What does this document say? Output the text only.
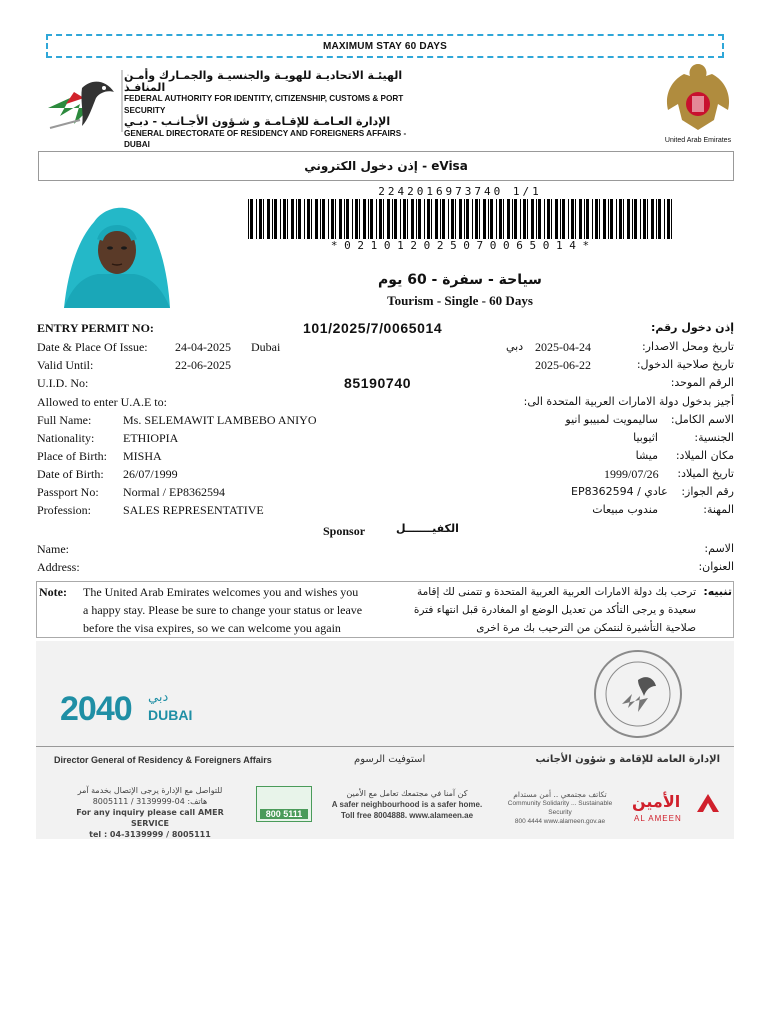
MAXIMUM STAY 60 DAYS
الهيئـة الاتحاديـة للهويـة والجنسيـة والجمـارك وأمـن المنافـذ
FEDERAL AUTHORITY FOR IDENTITY, CITIZENSHIP, CUSTOMS & PORT SECURITY
الإدارة العـامـة للإقـامـة و شـؤون الأجـانـب - دبـي
GENERAL DIRECTORATE OF RESIDENCY AND FOREIGNERS AFFAIRS - DUBAI	United Arab Emirates
إذن دخول الكتروني - eVisa
2242016973740 1/1
* 0 2 1 0 1 2 0 2 5 0 7 0 0 6 5 0 1 4 *
سياحة - سفرة - 60 يوم
Tourism - Single - 60 Days
ENTRY PERMIT NO:	101/2025/7/0065014	إذن دخول رقم:
Date & Place Of Issue: 24-04-2025 Dubai	دبي 2025-04-24	تاريخ ومحل الاصدار:
Valid Until:	22-06-2025	2025-06-22	تاريخ صلاحية الدخول:
U.I.D. No:	85190740	الرقم الموحد:
Allowed to enter U.A.E to:	أجيز بدخول دولة الامارات العربية المتحدة الى:
Full Name:	Ms. SELEMAWIT LAMBEBO ANIYO	ساليمويت لمبيبو انيو الاسم الكامل:
Nationality: ETHIOPIA	اثيوبيا	الجنسية:
Place of Birth: MISHA	ميشا مكان الميلاد:
Date of Birth: 26/07/1999	1999/07/26 تاريخ الميلاد:
Passport No: Normal / EP8362594	EP8362594 / عادي رقم الجواز:
Profession:	SALES REPRESENTATIVE	مندوب مبيعات	المهنة:
Sponsor	الكفيـــــــل
Name:	الاسم:
Address:	العنوان:
Note: The United Arab Emirates welcomes you and wishes you
a happy stay. Please be sure to change your status or leave
before the visa expires, so we can welcome you again
تنبيه:
ترحب بك دولة الامارات العربية العربية المتحدة و تتمنى لك إقامة
سعيدة و يرجى التأكد من تعديل الوضع او المغادرة قبل انتهاء فترة
صلاحية التأشيرة لنتمكن من الترحيب بك مرة اخرى
2040 دبي
DUBAI
Director General of Residency & Foreigners Affairs	استوفيت الرسوم	الإدارة العامة للإقامة و شؤون الأجانب
للتواصل مع الإدارة يرجى الإتصال بخدمة آمر
هاتف: 04-3139999 / 8005111
For any inquiry please call AMER SERVICE
tel : 04-3139999 / 8005111
800 5111
كن آمنا في مجتمعك تعامل مع الأمين
A safer neighbourhood is a safer home.
Toll free 8004888. www.alameen.ae
تكاتف مجتمعي .. أمن مستدام
Community Solidarity ... Sustainable Security
800 4444 www.alameen.gov.ae
الأمين
AL AMEEN
